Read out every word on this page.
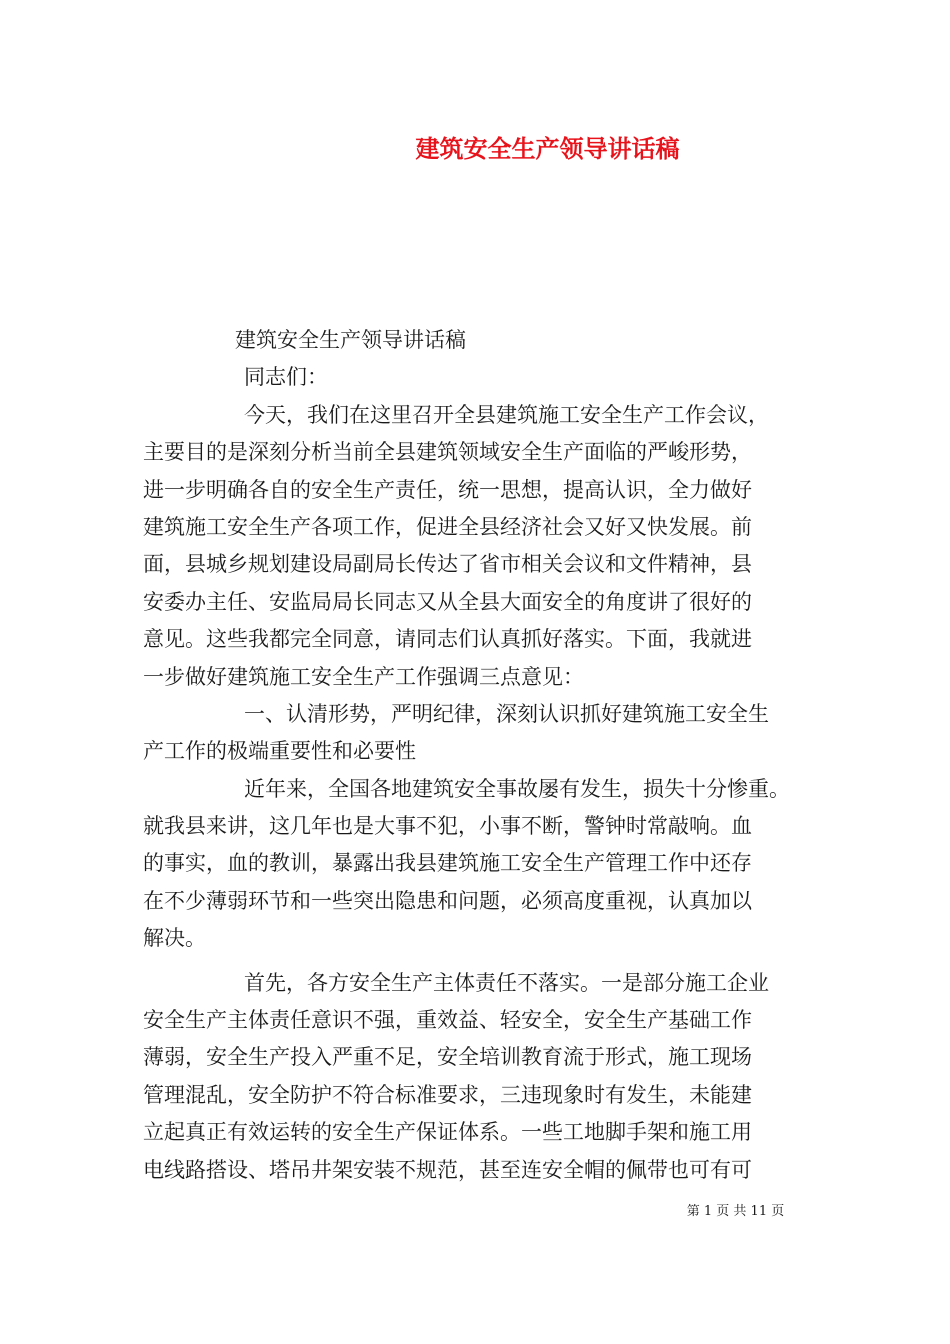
建筑安全生产领导讲话稿
建筑安全生产领导讲话稿
同志们：
今天，我们在这里召开全县建筑施工安全生产工作会议，
主要目的是深刻分析当前全县建筑领域安全生产面临的严峻形势，
进一步明确各自的安全生产责任，统一思想，提高认识，全力做好
建筑施工安全生产各项工作，促进全县经济社会又好又快发展。前
面，县城乡规划建设局副局长传达了省市相关会议和文件精神，县
安委办主任、安监局局长同志又从全县大面安全的角度讲了很好的
意见。这些我都完全同意，请同志们认真抓好落实。下面，我就进
一步做好建筑施工安全生产工作强调三点意见：
一、认清形势，严明纪律，深刻认识抓好建筑施工安全生
产工作的极端重要性和必要性
近年来，全国各地建筑安全事故屡有发生，损失十分惨重。
就我县来讲，这几年也是大事不犯，小事不断，警钟时常敲响。血
的事实，血的教训，暴露出我县建筑施工安全生产管理工作中还存
在不少薄弱环节和一些突出隐患和问题，必须高度重视，认真加以
解决。
首先，各方安全生产主体责任不落实。一是部分施工企业
安全生产主体责任意识不强，重效益、轻安全，安全生产基础工作
薄弱，安全生产投入严重不足，安全培训教育流于形式，施工现场
管理混乱，安全防护不符合标准要求，三违现象时有发生，未能建
立起真正有效运转的安全生产保证体系。一些工地脚手架和施工用
电线路搭设、塔吊井架安装不规范，甚至连安全帽的佩带也可有可
第 1 页 共 11 页
